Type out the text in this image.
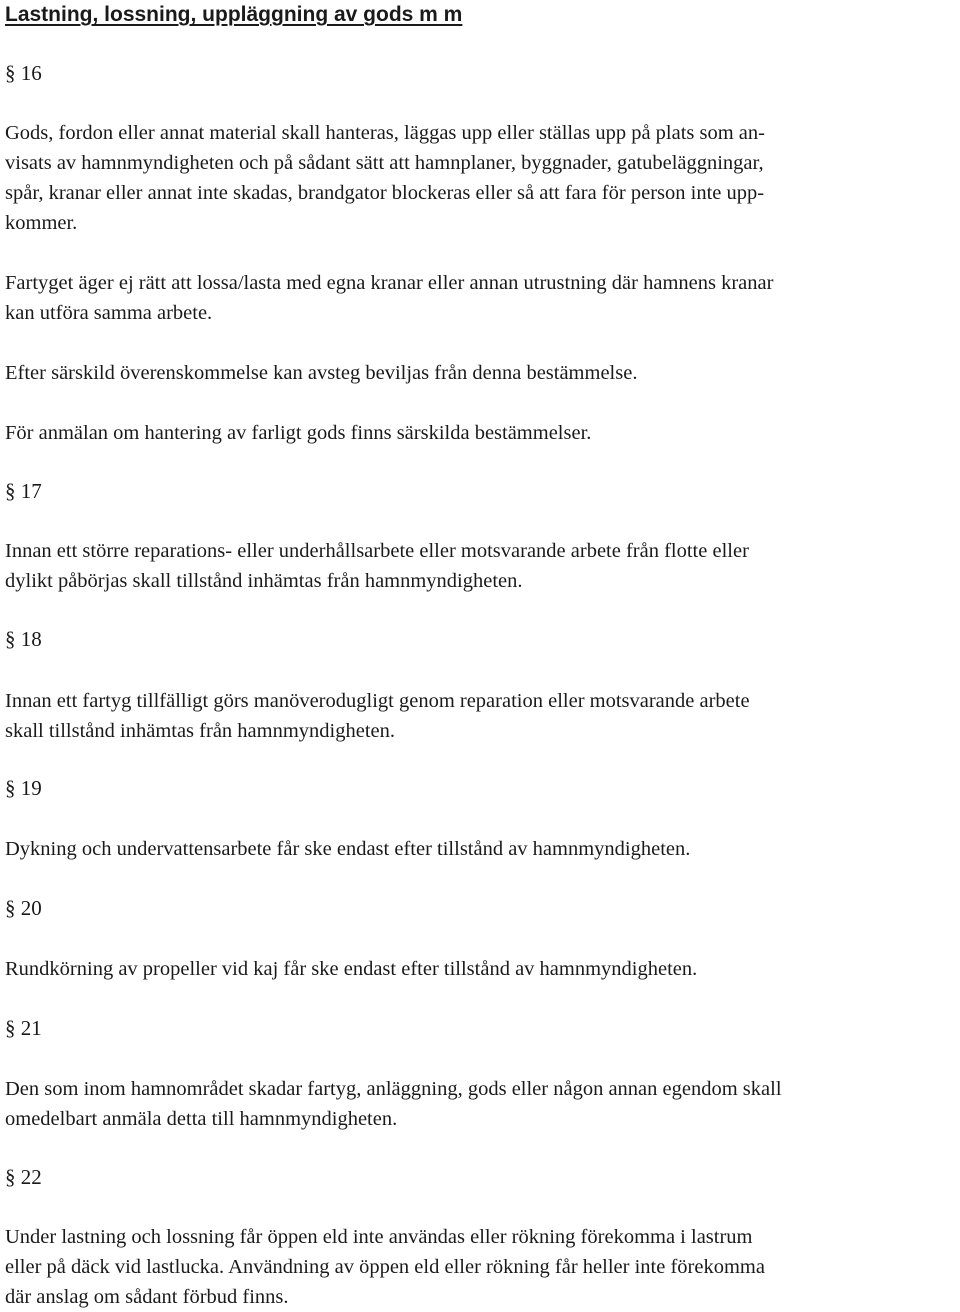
Lastning, lossning, uppläggning av gods m m
§ 16
Gods, fordon eller annat material skall hanteras, läggas upp eller ställas upp på plats som an-
visats av hamnmyndigheten och på sådant sätt att hamnplaner, byggnader, gatubeläggningar,
spår, kranar eller annat inte skadas, brandgator blockeras eller så att fara för person inte upp-
kommer.
Fartyget äger ej rätt att lossa/lasta med egna kranar eller annan utrustning där hamnens kranar
kan utföra samma arbete.
Efter särskild överenskommelse kan avsteg beviljas från denna bestämmelse.
För anmälan om hantering av farligt gods finns särskilda bestämmelser.
§ 17
Innan ett större reparations- eller underhållsarbete eller motsvarande arbete från flotte eller
dylikt påbörjas skall tillstånd inhämtas från hamnmyndigheten.
§ 18
Innan ett fartyg tillfälligt görs manöverodugligt genom reparation eller motsvarande arbete
skall tillstånd inhämtas från hamnmyndigheten.
§ 19
Dykning och undervattensarbete får ske endast efter tillstånd av hamnmyndigheten.
§ 20
Rundkörning av propeller vid kaj får ske endast efter tillstånd av hamnmyndigheten.
§ 21
Den som inom hamnområdet skadar fartyg, anläggning, gods eller någon annan egendom skall
omedelbart anmäla detta till hamnmyndigheten.
§ 22
Under lastning och lossning får öppen eld inte användas eller rökning förekomma i lastrum
eller på däck vid lastlucka. Användning av öppen eld eller rökning får heller inte förekomma
där anslag om sådant förbud finns.
